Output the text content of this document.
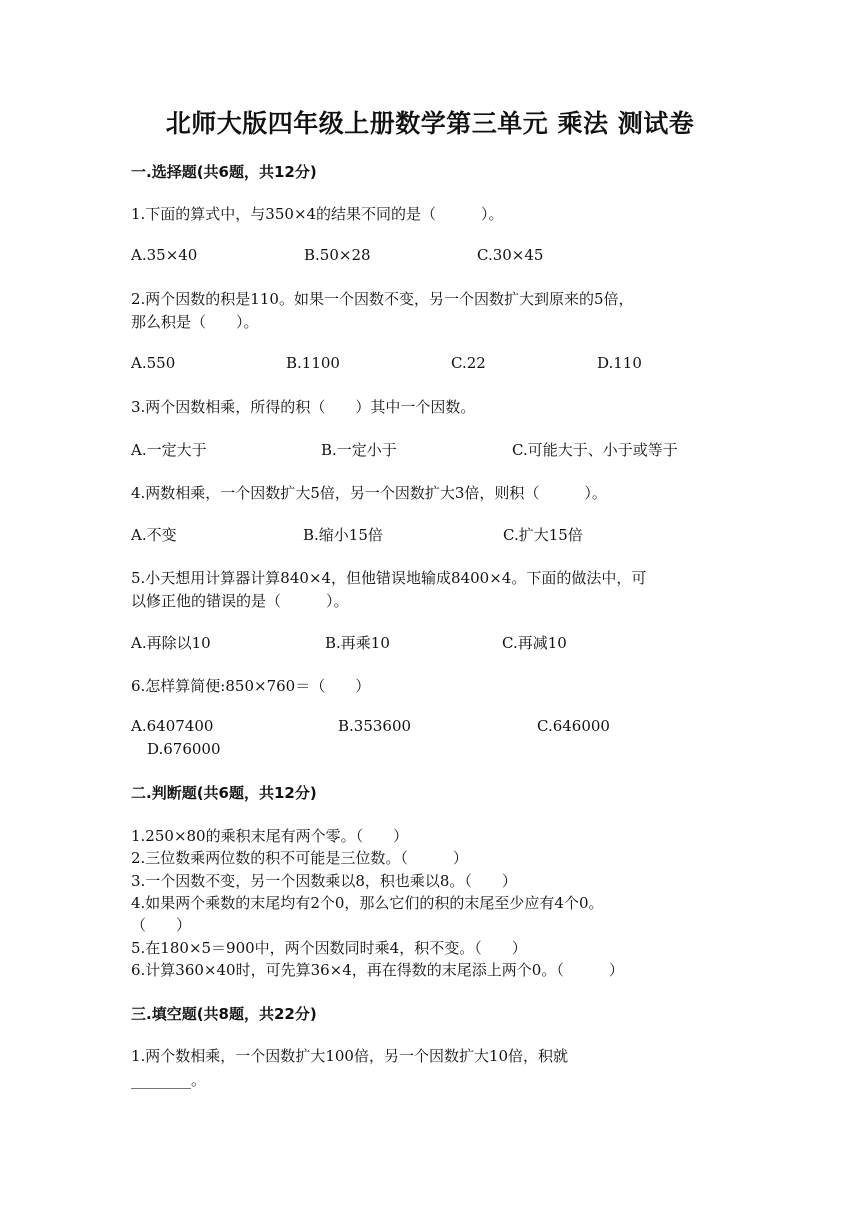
北师大版四年级上册数学第三单元 乘法 测试卷
一.选择题(共6题，共12分)
1.下面的算式中，与350×4的结果不同的是（　　　）。
A.35×40	B.50×28	C.30×45
2.两个因数的积是110。如果一个因数不变，另一个因数扩大到原来的5倍，
那么积是（　　）。
A.550	B.1100	C.22	D.110
3.两个因数相乘，所得的积（　　）其中一个因数。
A.一定大于	B.一定小于	C.可能大于、小于或等于
4.两数相乘，一个因数扩大5倍，另一个因数扩大3倍，则积（　　　）。
A.不变	B.缩小15倍	C.扩大15倍
5.小天想用计算器计算840×4，但他错误地输成8400×4。下面的做法中，可
以修正他的错误的是（　　　）。
A.再除以10	B.再乘10	C.再减10
6.怎样算简便:850×760＝（　　）
A.6407400	B.353600	C.646000
D.676000
二.判断题(共6题，共12分)
1.250×80的乘积末尾有两个零。（　　）
2.三位数乘两位数的积不可能是三位数。（　　　）
3.一个因数不变，另一个因数乘以8，积也乘以8。（　　）
4.如果两个乘数的末尾均有2个0，那么它们的积的末尾至少应有4个0。
（　　）
5.在180×5＝900中，两个因数同时乘4，积不变。（　　）
6.计算360×40时，可先算36×4，再在得数的末尾添上两个0。（　　　）
三.填空题(共8题，共22分)
1.两个数相乘，一个因数扩大100倍，另一个因数扩大10倍，积就
________。
